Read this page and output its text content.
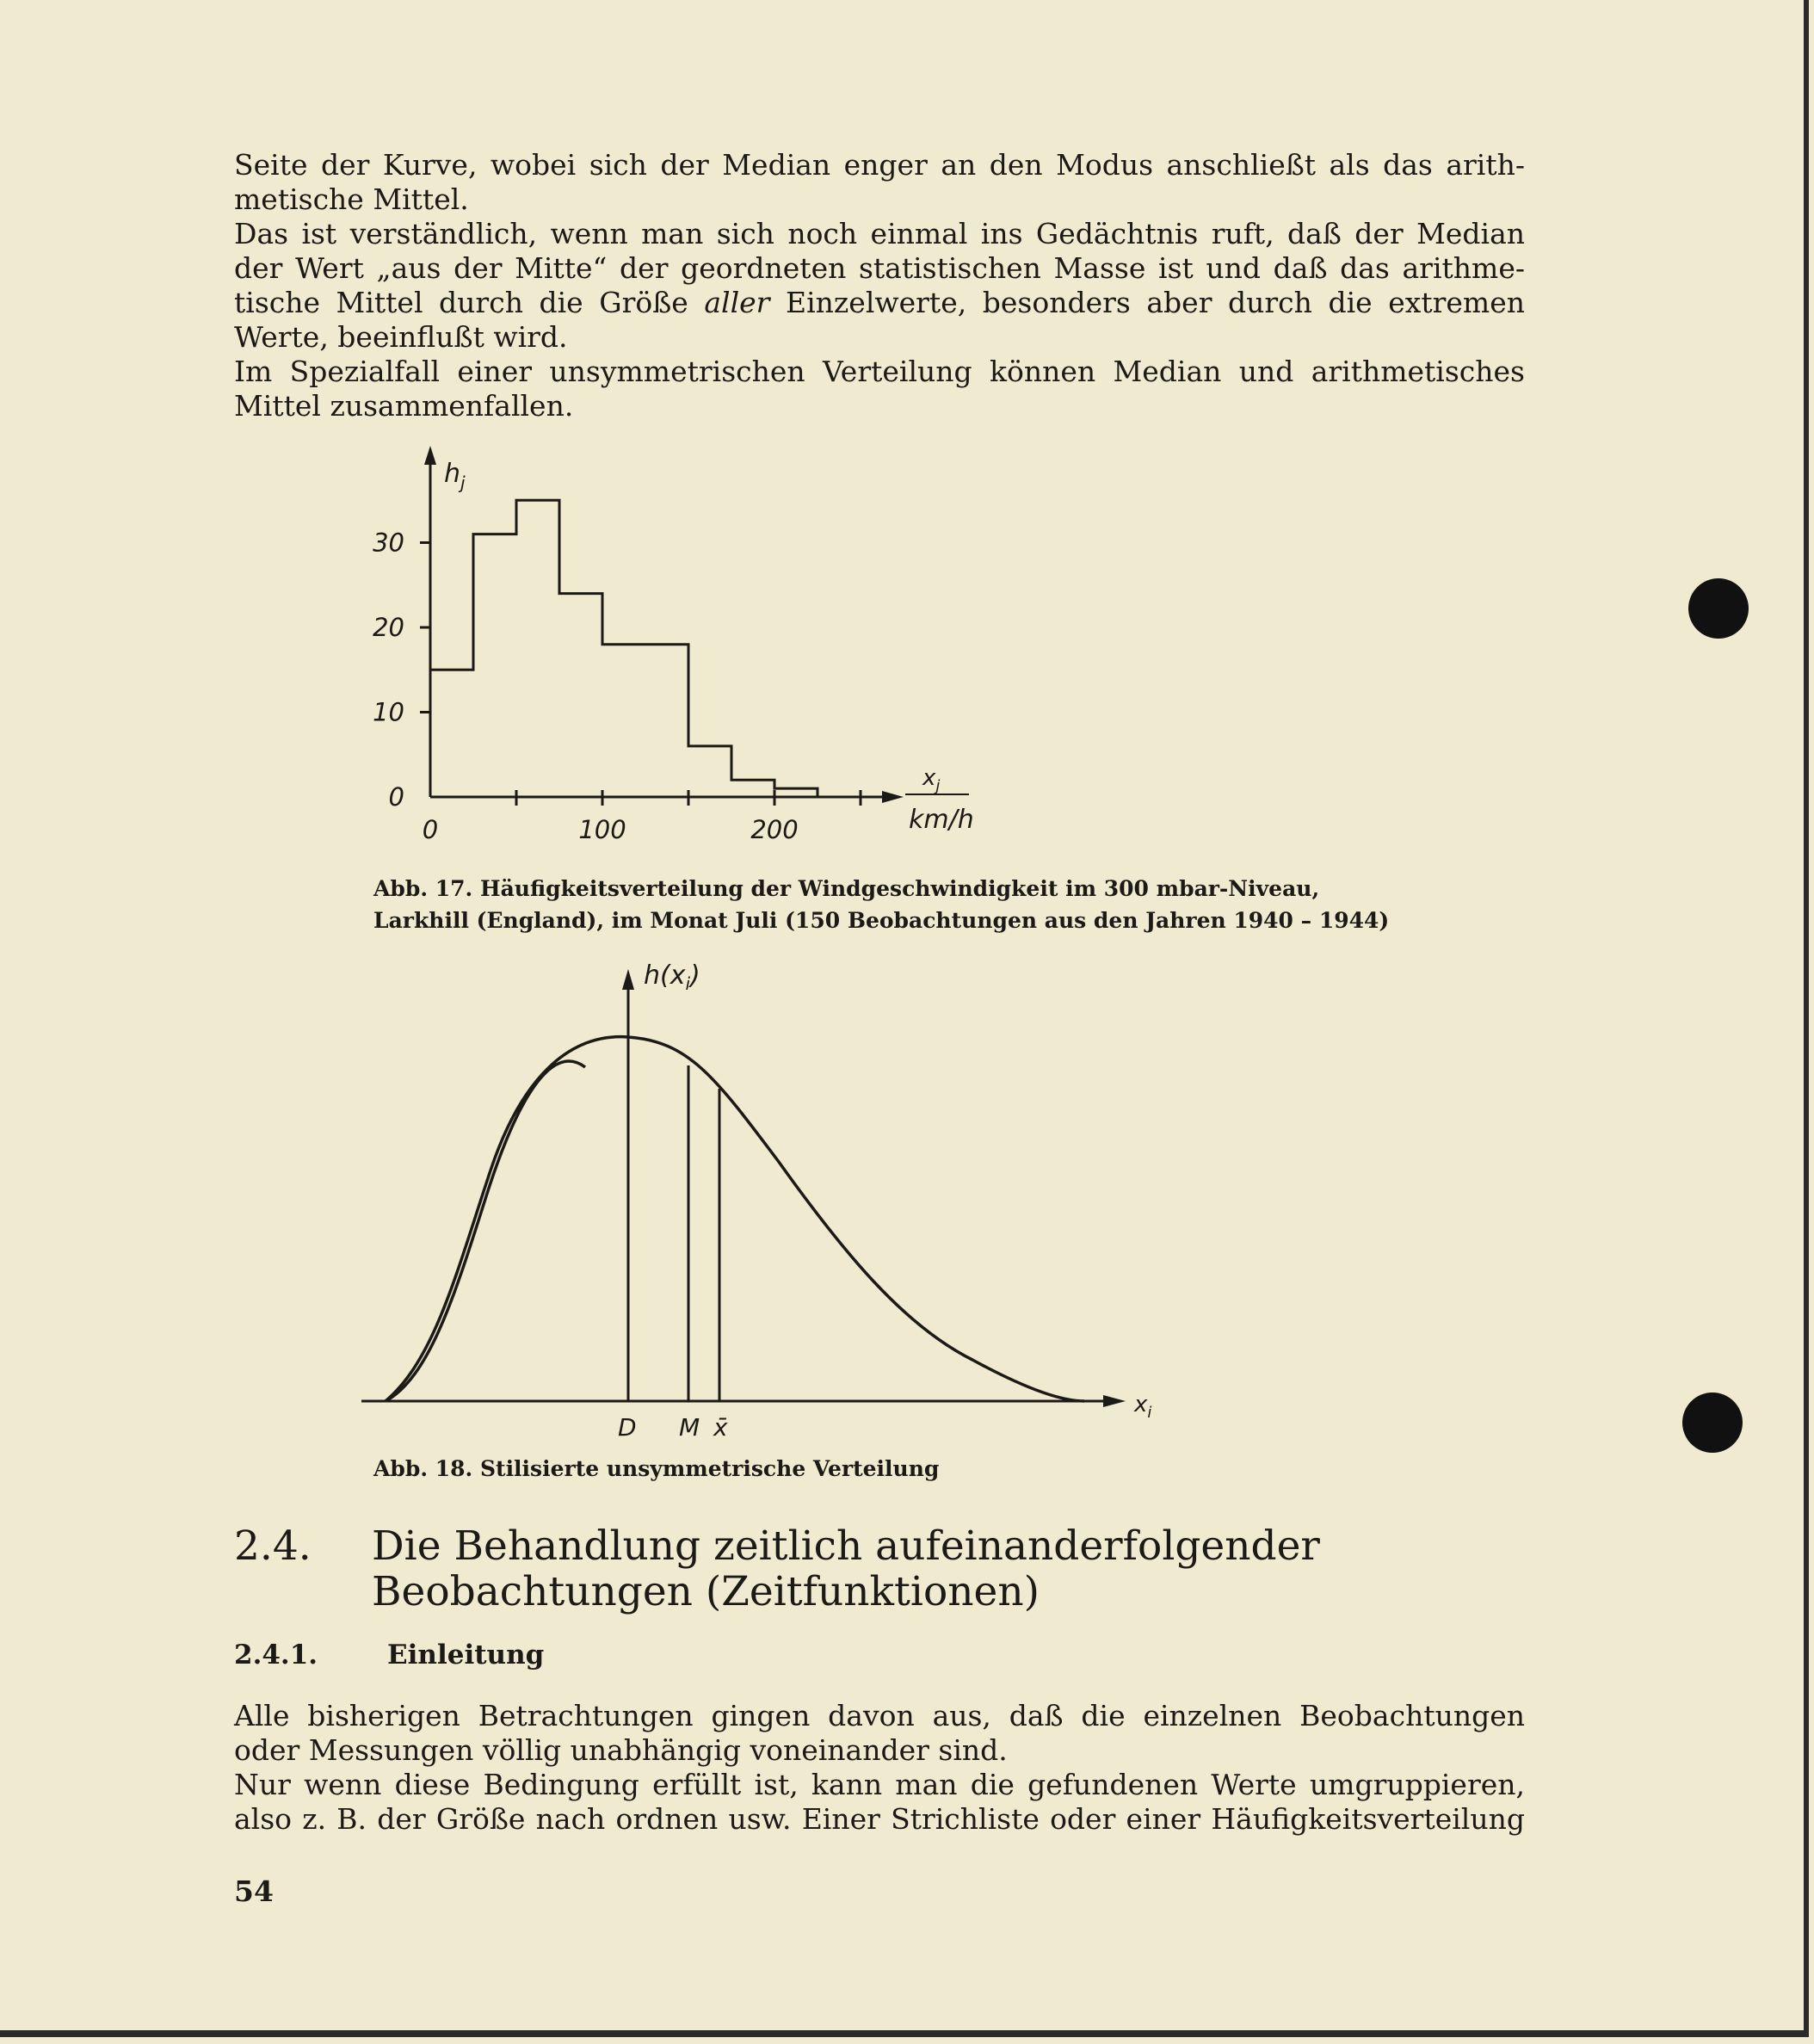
Seite der Kurve, wobei sich der Median enger an den Modus anschließt als das arith-

metische Mittel.

Das ist verständlich, wenn man sich noch einmal ins Gedächtnis ruft, daß der Median

der Wert „aus der Mitte“ der geordneten statistischen Masse ist und daß das arithme-

tische Mittel durch die Größe aller Einzelwerte, besonders aber durch die extremen

Werte, beeinflußt wird.

Im Spezialfall einer unsymmetrischen Verteilung können Median und arithmetisches

Mittel zusammenfallen.

0
10
20
30
0	100	200
$h_j$
$x_j$
km/h
Abb. 17. Häufigkeitsverteilung der Windgeschwindigkeit im 300 mbar-Niveau,
Larkhill (England), im Monat Juli (150 Beobachtungen aus den Jahren 1940 – 1944)
$h(x_i)$
$x_i$
D M x̄
Abb. 18. Stilisierte unsymmetrische Verteilung
2.4. Die Behandlung zeitlich aufeinanderfolgender Beobachtungen (Zeitfunktionen)
2.4.1.	Einleitung

Alle bisherigen Betrachtungen gingen davon aus, daß die einzelnen Beobachtungen

oder Messungen völlig unabhängig voneinander sind.

Nur wenn diese Bedingung erfüllt ist, kann man die gefundenen Werte umgruppieren,

also z. B. der Größe nach ordnen usw. Einer Strichliste oder einer Häufigkeitsverteilung

54
